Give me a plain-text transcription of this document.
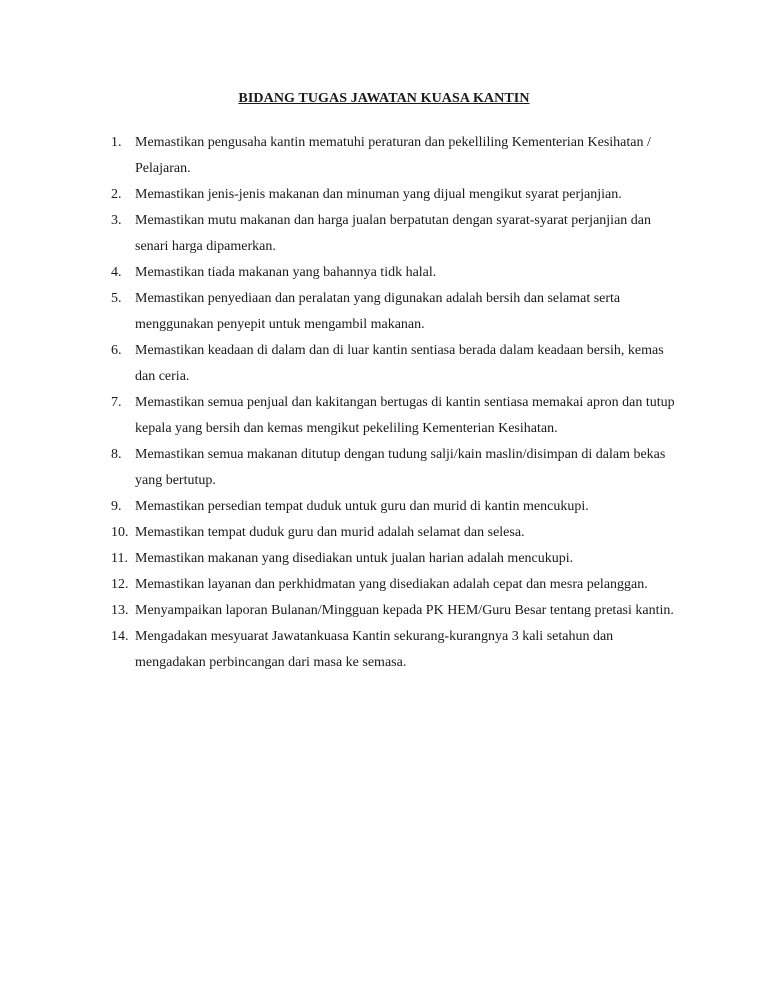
BIDANG TUGAS JAWATAN KUASA KANTIN
1. Memastikan pengusaha kantin mematuhi peraturan dan pekelliling Kementerian Kesihatan / Pelajaran.
2. Memastikan jenis-jenis makanan dan minuman yang dijual mengikut syarat perjanjian.
3. Memastikan mutu makanan dan harga jualan berpatutan dengan syarat-syarat perjanjian dan senari harga dipamerkan.
4. Memastikan tiada makanan yang bahannya tidk halal.
5. Memastikan penyediaan dan peralatan yang digunakan adalah bersih dan selamat serta menggunakan penyepit untuk mengambil makanan.
6. Memastikan keadaan di dalam dan di luar kantin sentiasa berada dalam keadaan bersih, kemas dan ceria.
7. Memastikan semua penjual dan kakitangan bertugas di kantin sentiasa memakai apron dan tutup kepala yang bersih dan kemas mengikut pekeliling Kementerian Kesihatan.
8. Memastikan semua makanan ditutup dengan tudung salji/kain maslin/disimpan di dalam bekas yang bertutup.
9. Memastikan persedian tempat duduk untuk guru dan murid di kantin mencukupi.
10. Memastikan tempat duduk guru dan murid adalah selamat dan selesa.
11. Memastikan makanan yang disediakan untuk jualan harian adalah mencukupi.
12. Memastikan layanan dan perkhidmatan yang disediakan adalah cepat dan mesra pelanggan.
13. Menyampaikan laporan Bulanan/Mingguan kepada PK HEM/Guru Besar tentang pretasi kantin.
14. Mengadakan mesyuarat Jawatankuasa Kantin sekurang-kurangnya 3 kali setahun dan mengadakan perbincangan dari masa ke semasa.
